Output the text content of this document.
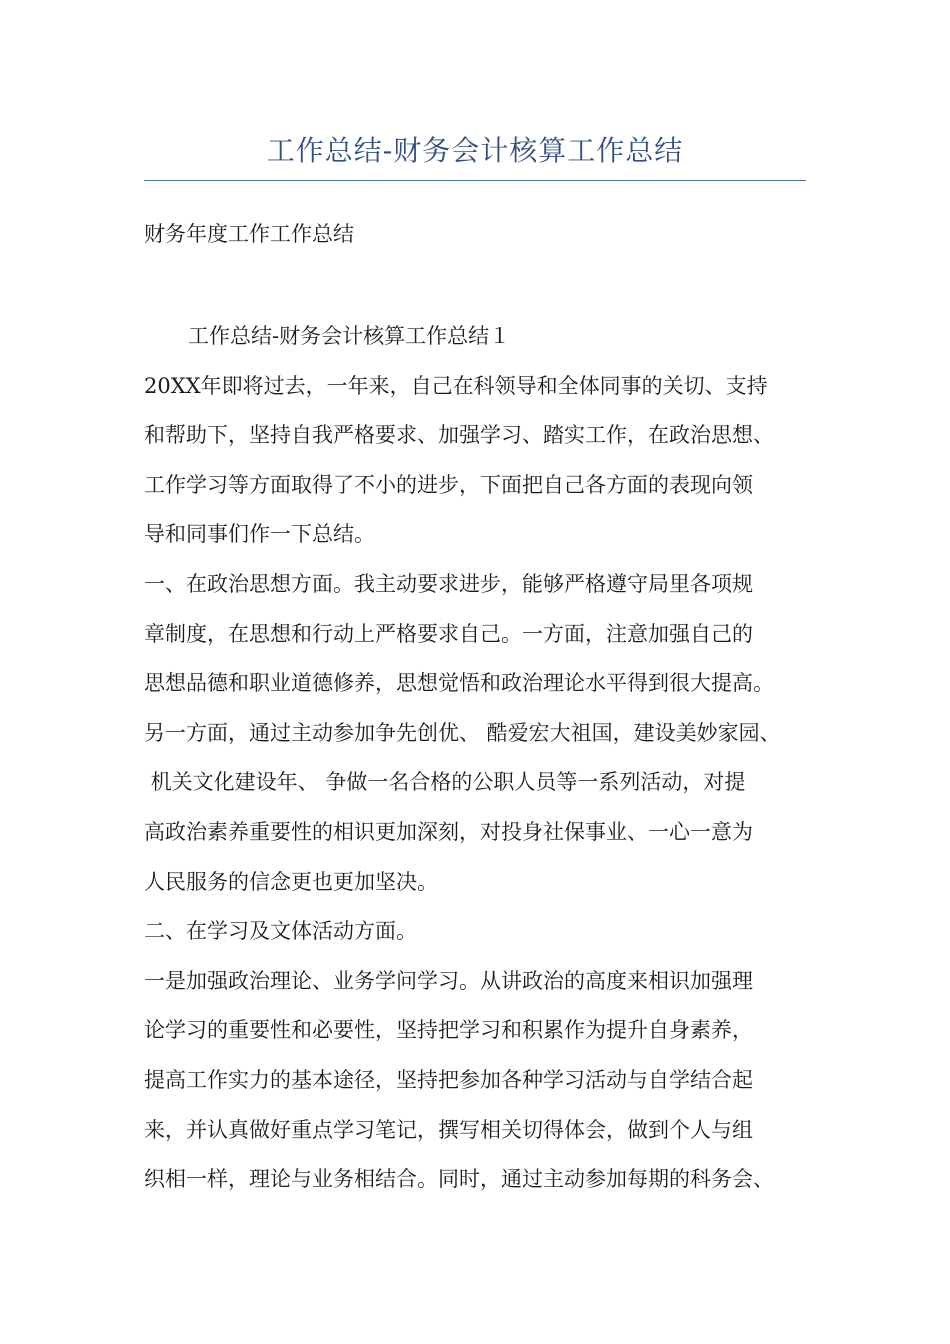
工作总结-财务会计核算工作总结

财务年度工作工作总结

工作总结-财务会计核算工作总结１

20XX年即将过去，一年来，自己在科领导和全体同事的关切、支持

和帮助下，坚持自我严格要求、加强学习、踏实工作，在政治思想、

工作学习等方面取得了不小的进步，下面把自己各方面的表现向领

导和同事们作一下总结。

一、在政治思想方面。我主动要求进步，能够严格遵守局里各项规

章制度，在思想和行动上严格要求自己。一方面，注意加强自己的

思想品德和职业道德修养，思想觉悟和政治理论水平得到很大提高。

另一方面，通过主动参加争先创优、 酷爱宏大祖国，建设美妙家园、

机关文化建设年、 争做一名合格的公职人员等一系列活动，对提

高政治素养重要性的相识更加深刻，对投身社保事业、一心一意为

人民服务的信念更也更加坚决。

二、在学习及文体活动方面。

一是加强政治理论、业务学问学习。从讲政治的高度来相识加强理

论学习的重要性和必要性，坚持把学习和积累作为提升自身素养，

提高工作实力的基本途径，坚持把参加各种学习活动与自学结合起

来，并认真做好重点学习笔记，撰写相关切得体会，做到个人与组

织相一样，理论与业务相结合。同时，通过主动参加每期的科务会、
